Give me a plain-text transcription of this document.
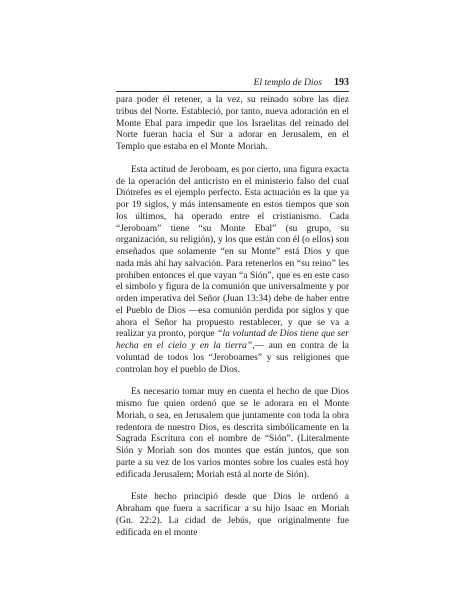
El templo de Dios 193

para poder él retener, a la vez, su reinado sobre las diez tribus del Norte. Estableció, por tanto, nueva adoración en el Monte Ebal para impedir que los Israelitas del reinado del Norte fueran hacia el Sur a adorar en Jerusalem, en el Templo que estaba en el Monte Moriah.

Esta actitud de Jeroboam, es por cierto, una figura exacta de la operación del anticristo en el ministerio falso del cual Diótrefes es el ejemplo perfecto. Esta actuación es la que ya por 19 siglos, y más intensamente en estos tiempos que son los últimos, ha operado entre el cristianismo. Cada “Jeroboam” tiene “su Monte Ebal” (su grupo, su organización, su religión), y los que están con él (o ellos) son enseñados que solamente “en su Monte” está Dios y que nada más ahí hay salvación. Para retenerlos en “su reino” les prohíben entonces el que vayan “a Sión”, que es en este caso el símbolo y figura de la comunión que universalmente y por orden imperativa del Señor (Juan 13:34) debe de haber entre el Pueblo de Dios —esa comunión perdida por siglos y que ahora el Señor ha propuesto restablecer, y que se va a realizar ya pronto, porque “la voluntad de Dios tiene que ser hecha en el cielo y en la tierra”,— aun en contra de la voluntad de todos los “Jeroboames” y sus religiones que controlan hoy el pueblo de Dios.

Es necesario tomar muy en cuenta el hecho de que Dios mismo fue quien ordenó que se le adorara en el Monte Moriah, o sea, en Jerusalem que juntamente con toda la obra redentora de nuestro Dios, es descrita simbólicamente en la Sagrada Escritura con el nombre de “Sión”. (Literalmente Sión y Moriah son dos montes que están juntos, que son parte a su vez de los varios montes sobre los cuales está hoy edificada Jerusalem; Moriah está al norte de Sión).

Este hecho principió desde que Dios le ordenó a Abraham que fuera a sacrificar a su hijo Isaac en Moriah (Gn. 22:2). La cidad de Jebús, que originalmente fue edificada en el monte
